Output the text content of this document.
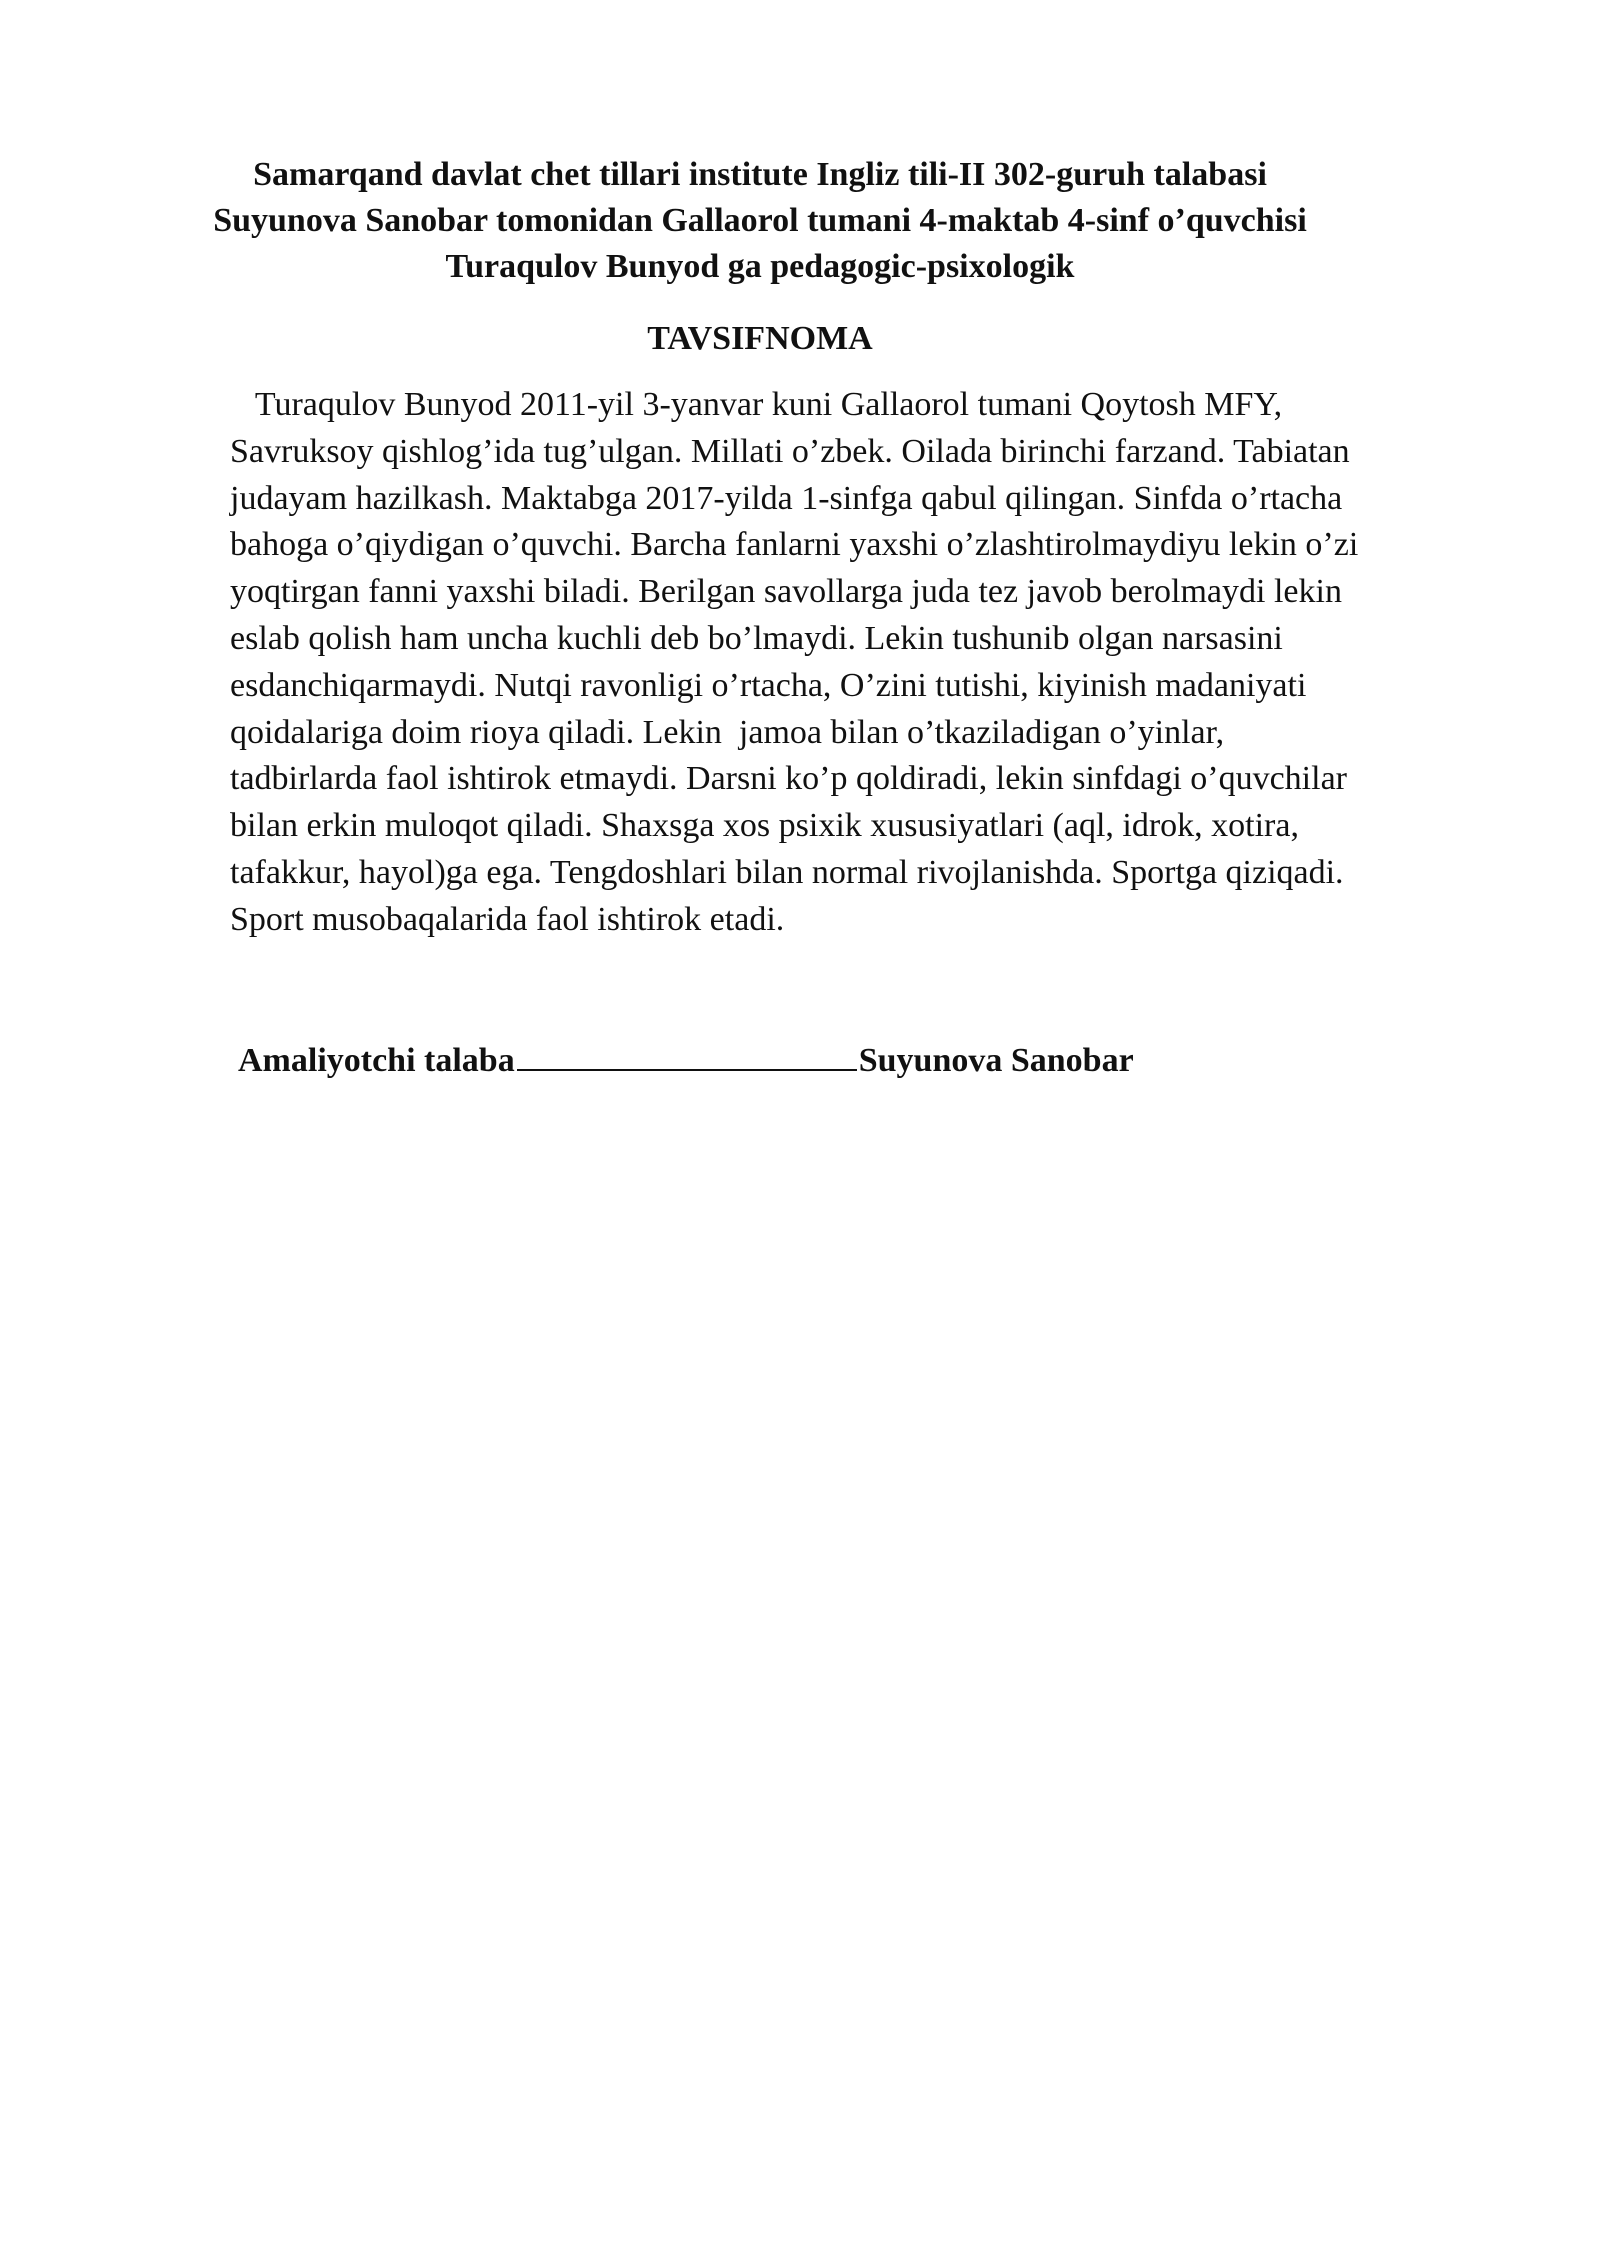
Samarqand davlat chet tillari institute Ingliz tili-II 302-guruh talabasi
Suyunova Sanobar tomonidan Gallaorol tumani 4-maktab 4-sinf o’quvchisi
Turaqulov Bunyod ga pedagogic-psixologik
TAVSIFNOMA
Turaqulov Bunyod 2011-yil 3-yanvar kuni Gallaorol tumani Qoytosh MFY,
Savruksoy qishlog’ida tug’ulgan. Millati o’zbek. Oilada birinchi farzand. Tabiatan
judayam hazilkash. Maktabga 2017-yilda 1-sinfga qabul qilingan. Sinfda o’rtacha
bahoga o’qiydigan o’quvchi. Barcha fanlarni yaxshi o’zlashtirolmaydiyu lekin o’zi
yoqtirgan fanni yaxshi biladi. Berilgan savollarga juda tez javob berolmaydi lekin
eslab qolish ham uncha kuchli deb bo’lmaydi. Lekin tushunib olgan narsasini
esdanchiqarmaydi. Nutqi ravonligi o’rtacha, O’zini tutishi, kiyinish madaniyati
qoidalariga doim rioya qiladi. Lekin  jamoa bilan o’tkaziladigan o’yinlar,
tadbirlarda faol ishtirok etmaydi. Darsni ko’p qoldiradi, lekin sinfdagi o’quvchilar
bilan erkin muloqot qiladi. Shaxsga xos psixik xususiyatlari (aql, idrok, xotira,
tafakkur, hayol)ga ega. Tengdoshlari bilan normal rivojlanishda. Sportga qiziqadi.
Sport musobaqalarida faol ishtirok etadi.
Amaliyotchi talaba	Suyunova Sanobar
